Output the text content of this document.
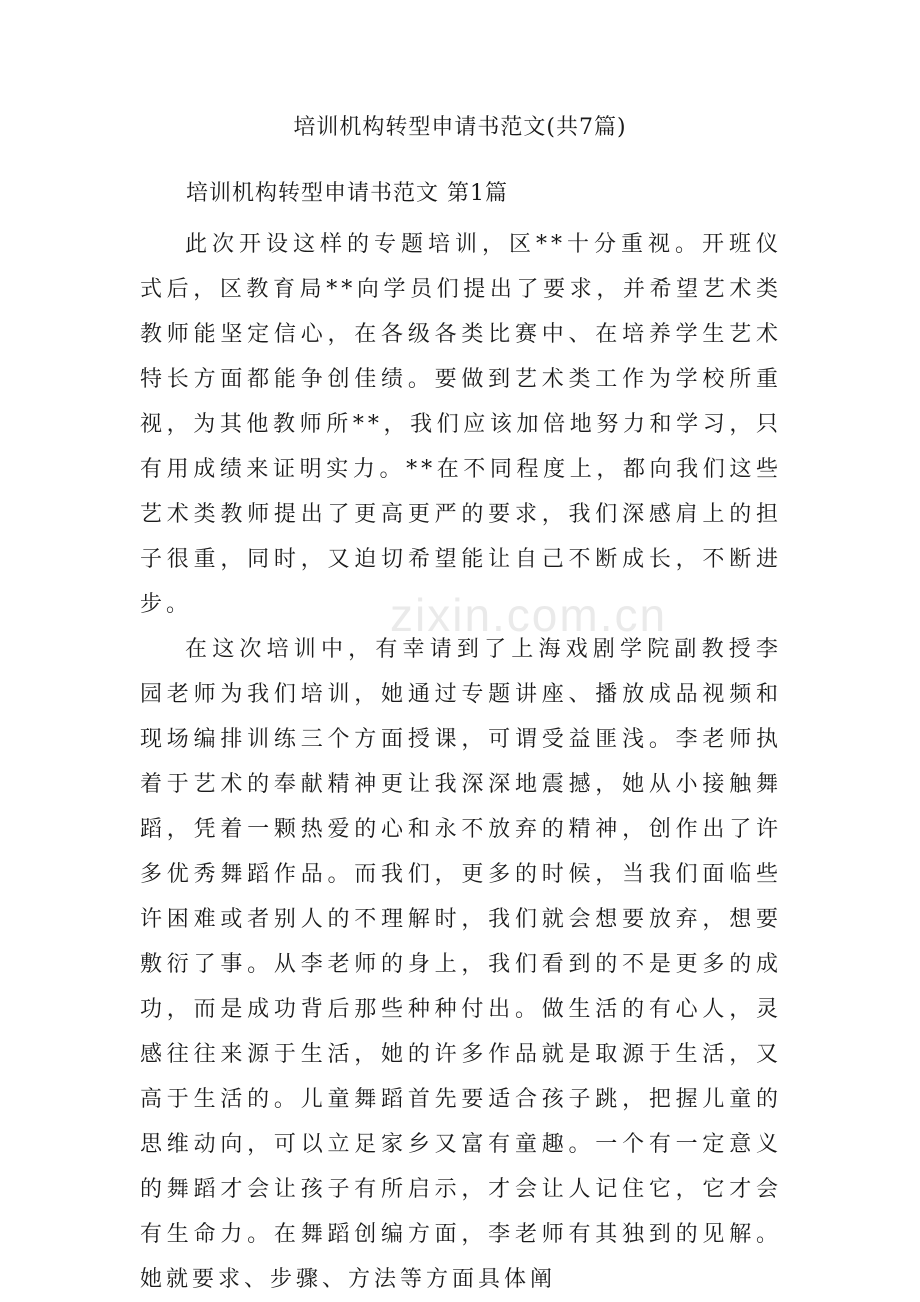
培训机构转型申请书范文(共7篇)
培训机构转型申请书范文 第1篇

此次开设这样的专题培训，区**十分重视。开班仪式后，区教育局**向学员们提出了要求，并希望艺术类教师能坚定信心，在各级各类比赛中、在培养学生艺术特长方面都能争创佳绩。要做到艺术类工作为学校所重视，为其他教师所**，我们应该加倍地努力和学习，只有用成绩来证明实力。**在不同程度上，都向我们这些艺术类教师提出了更高更严的要求，我们深感肩上的担子很重，同时，又迫切希望能让自己不断成长，不断进步。

在这次培训中，有幸请到了上海戏剧学院副教授李园老师为我们培训，她通过专题讲座、播放成品视频和现场编排训练三个方面授课，可谓受益匪浅。李老师执着于艺术的奉献精神更让我深深地震撼，她从小接触舞蹈，凭着一颗热爱的心和永不放弃的精神，创作出了许多优秀舞蹈作品。而我们，更多的时候，当我们面临些许困难或者别人的不理解时，我们就会想要放弃，想要敷衍了事。从李老师的身上，我们看到的不是更多的成功，而是成功背后那些种种付出。做生活的有心人，灵感往往来源于生活，她的许多作品就是取源于生活，又高于生活的。儿童舞蹈首先要适合孩子跳，把握儿童的思维动向，可以立足家乡又富有童趣。一个有一定意义的舞蹈才会让孩子有所启示，才会让人记住它，它才会有生命力。在舞蹈创编方面，李老师有其独到的见解。她就要求、步骤、方法等方面具体阐

zixin.com.cn
